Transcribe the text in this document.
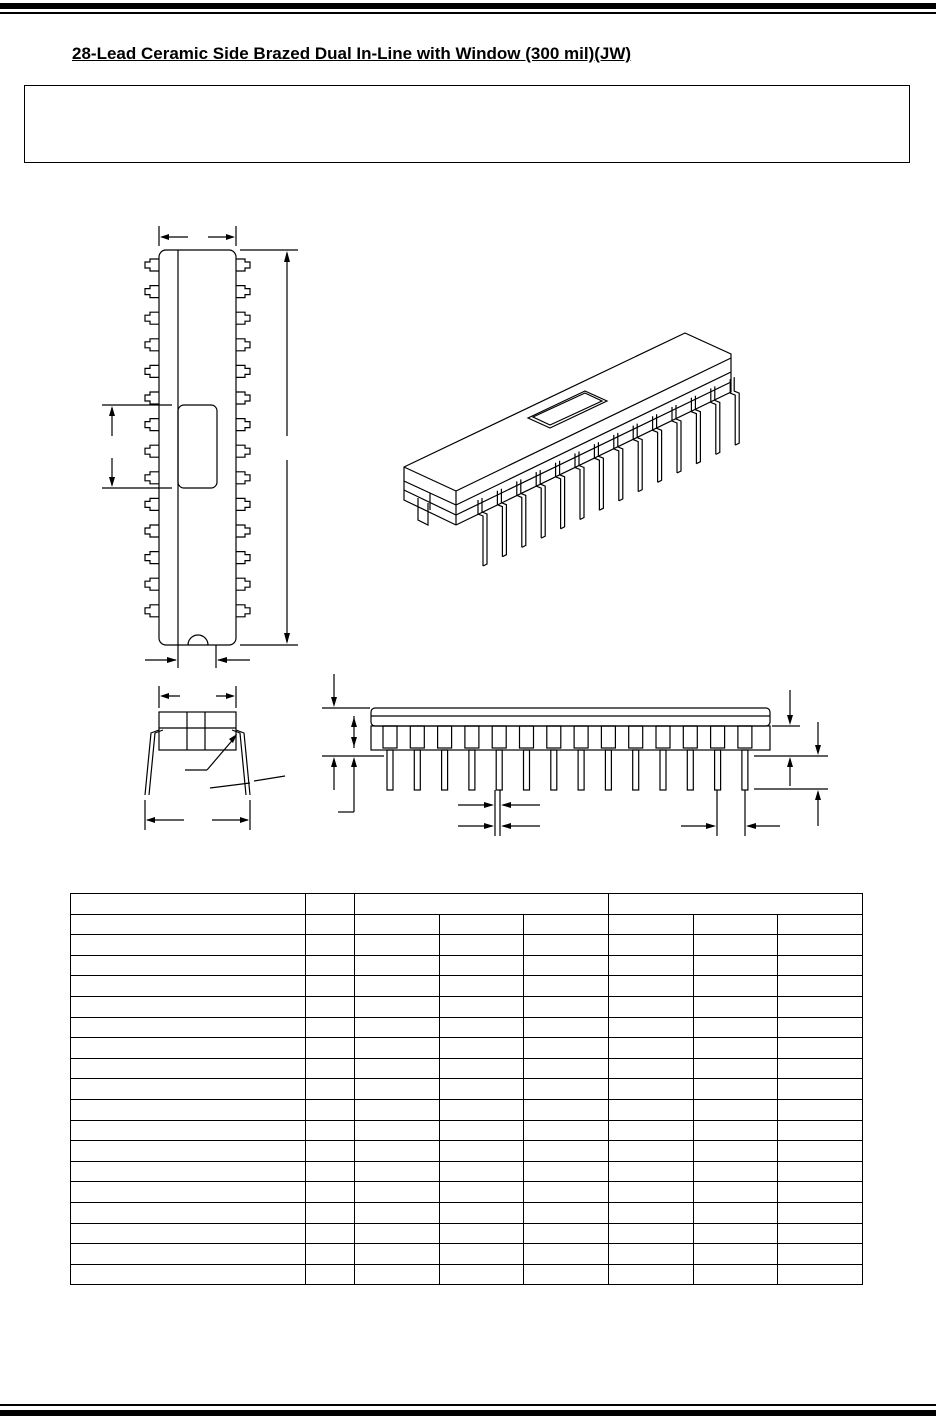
28-Lead Ceramic Side Brazed Dual In-Line with Window (300 mil)(JW)
